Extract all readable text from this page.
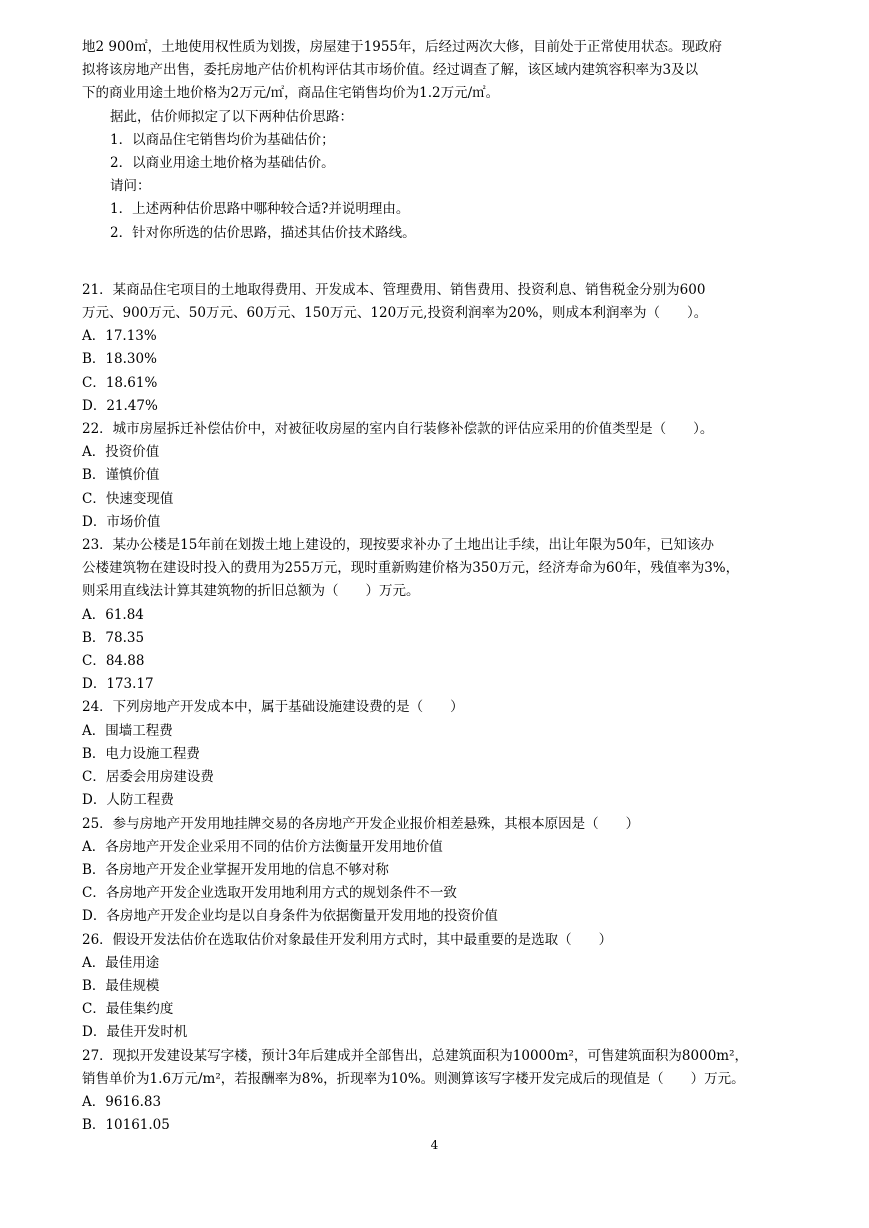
地2 900㎡，土地使用权性质为划拨，房屋建于1955年，后经过两次大修，目前处于正常使用状态。现政府

拟将该房地产出售，委托房地产估价机构评估其市场价值。经过调查了解，该区域内建筑容积率为3及以

下的商业用途土地价格为2万元/㎡，商品住宅销售均价为1.2万元/㎡。

据此，估价师拟定了以下两种估价思路：

1．以商品住宅销售均价为基础估价；

2．以商业用途土地价格为基础估价。

请问：

1．上述两种估价思路中哪种较合适?并说明理由。

2．针对你所选的估价思路，描述其估价技术路线。

21．某商品住宅项目的土地取得费用、开发成本、管理费用、销售费用、投资利息、销售税金分别为600

万元、900万元、50万元、60万元、150万元、120万元,投资利润率为20%，则成本利润率为（　　）。

A．17.13%

B．18.30%

C．18.61%

D．21.47%

22．城市房屋拆迁补偿估价中，对被征收房屋的室内自行装修补偿款的评估应采用的价值类型是（　　）。

A．投资价值

B．谨慎价值

C．快速变现值

D．市场价值

23．某办公楼是15年前在划拨土地上建设的，现按要求补办了土地出让手续，出让年限为50年，已知该办

公楼建筑物在建设时投入的费用为255万元，现时重新购建价格为350万元，经济寿命为60年，残值率为3%，

则采用直线法计算其建筑物的折旧总额为（　　）万元。

A．61.84

B．78.35

C．84.88

D．173.17

24．下列房地产开发成本中，属于基础设施建设费的是（　　）

A．围墙工程费

B．电力设施工程费

C．居委会用房建设费

D．人防工程费

25．参与房地产开发用地挂牌交易的各房地产开发企业报价相差悬殊，其根本原因是（　　）

A．各房地产开发企业采用不同的估价方法衡量开发用地价值

B．各房地产开发企业掌握开发用地的信息不够对称

C．各房地产开发企业选取开发用地利用方式的规划条件不一致

D．各房地产开发企业均是以自身条件为依据衡量开发用地的投资价值

26．假设开发法估价在选取估价对象最佳开发利用方式时，其中最重要的是选取（　　）

A．最佳用途

B．最佳规模

C．最佳集约度

D．最佳开发时机

27．现拟开发建设某写字楼，预计3年后建成并全部售出，总建筑面积为10000m²，可售建筑面积为8000m²，

销售单价为1.6万元/m²，若报酬率为8%，折现率为10%。则测算该写字楼开发完成后的现值是（　　）万元。

A．9616.83

B．10161.05

4
